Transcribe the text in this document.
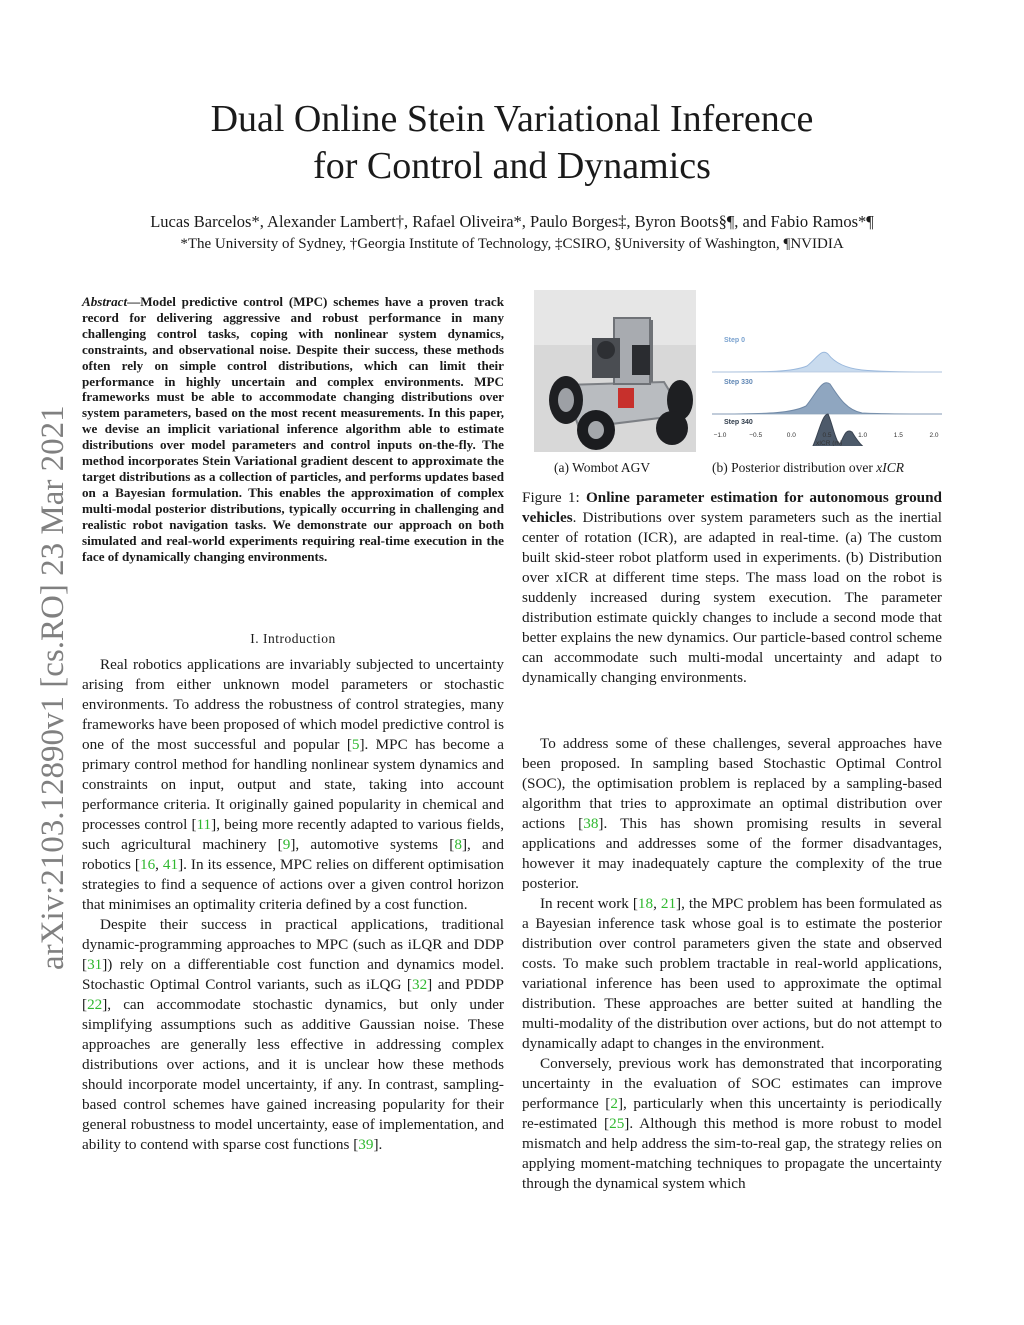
Dual Online Stein Variational Inference
for Control and Dynamics
Lucas Barcelos*, Alexander Lambert†, Rafael Oliveira*, Paulo Borges‡, Byron Boots§¶, and Fabio Ramos*¶
*The University of Sydney, †Georgia Institute of Technology, ‡CSIRO, §University of Washington, ¶NVIDIA
arXiv:2103.12890v1 [cs.RO] 23 Mar 2021
Abstract—Model predictive control (MPC) schemes have a proven track record for delivering aggressive and robust performance in many challenging control tasks, coping with nonlinear system dynamics, constraints, and observational noise. Despite their success, these methods often rely on simple control distributions, which can limit their performance in highly uncertain and complex environments. MPC frameworks must be able to accommodate changing distributions over system parameters, based on the most recent measurements. In this paper, we devise an implicit variational inference algorithm able to estimate distributions over model parameters and control inputs on-the-fly. The method incorporates Stein Variational gradient descent to approximate the target distributions as a collection of particles, and performs updates based on a Bayesian formulation. This enables the approximation of complex multi-modal posterior distributions, typically occurring in challenging and realistic robot navigation tasks. We demonstrate our approach on both simulated and real-world experiments requiring real-time execution in the face of dynamically changing environments.
I. Introduction

Real robotics applications are invariably subjected to uncertainty arising from either unknown model parameters or stochastic environments. To address the robustness of control strategies, many frameworks have been proposed of which model predictive control is one of the most successful and popular [5]. MPC has become a primary control method for handling nonlinear system dynamics and constraints on input, output and state, taking into account performance criteria. It originally gained popularity in chemical and processes control [11], being more recently adapted to various fields, such agricultural machinery [9], automotive systems [8], and robotics [16, 41]. In its essence, MPC relies on different optimisation strategies to find a sequence of actions over a given control horizon that minimises an optimality criteria defined by a cost function.

Despite their success in practical applications, traditional dynamic-programming approaches to MPC (such as iLQR and DDP [31]) rely on a differentiable cost function and dynamics model. Stochastic Optimal Control variants, such as iLQG [32] and PDDP [22], can accommodate stochastic dynamics, but only under simplifying assumptions such as additive Gaussian noise. These approaches are generally less effective in addressing complex distributions over actions, and it is unclear how these methods should incorporate model uncertainty, if any. In contrast, sampling-based control schemes have gained increasing popularity for their general robustness to model uncertainty, ease of implementation, and ability to contend with sparse cost functions [39].

Step 0
Step 330
Step 340
−1.0	−0.5	0.0	0.5	1.0	1.5	2.0
xICR (m)
(a) Wombot AGV	(b) Posterior distribution over xICR
Figure 1: Online parameter estimation for autonomous ground vehicles. Distributions over system parameters such as the inertial center of rotation (ICR), are adapted in real-time. (a) The custom built skid-steer robot platform used in experiments. (b) Distribution over xICR at different time steps. The mass load on the robot is suddenly increased during system execution. The parameter distribution estimate quickly changes to include a second mode that better explains the new dynamics. Our particle-based control scheme can accommodate such multi-modal uncertainty and adapt to dynamically changing environments.

To address some of these challenges, several approaches have been proposed. In sampling based Stochastic Optimal Control (SOC), the optimisation problem is replaced by a sampling-based algorithm that tries to approximate an optimal distribution over actions [38]. This has shown promising results in several applications and addresses some of the former disadvantages, however it may inadequately capture the complexity of the true posterior.

In recent work [18, 21], the MPC problem has been formulated as a Bayesian inference task whose goal is to estimate the posterior distribution over control parameters given the state and observed costs. To make such problem tractable in real-world applications, variational inference has been used to approximate the optimal distribution. These approaches are better suited at handling the multi-modality of the distribution over actions, but do not attempt to dynamically adapt to changes in the environment.

Conversely, previous work has demonstrated that incorporating uncertainty in the evaluation of SOC estimates can improve performance [2], particularly when this uncertainty is periodically re-estimated [25]. Although this method is more robust to model mismatch and help address the sim-to-real gap, the strategy relies on applying moment-matching techniques to propagate the uncertainty through the dynamical system which
